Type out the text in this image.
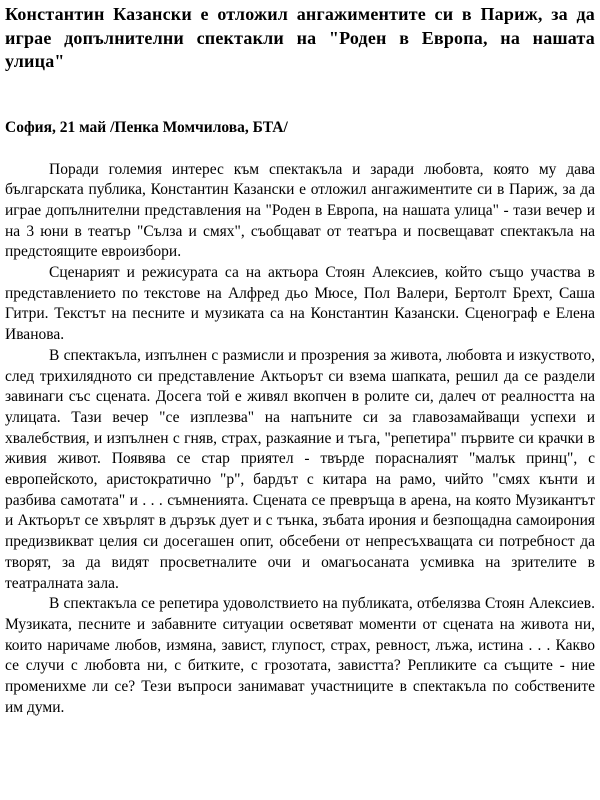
Константин Казански е отложил ангажиментите си в Париж, за да играе допълнителни спектакли на "Роден в Европа, на нашата улица"

София, 21 май /Пенка Момчилова, БТА/

Поради големия интерес към спектакъла и заради любовта, която му дава българската публика, Константин Казански е отложил ангажиментите си в Париж, за да играе допълнителни представления на "Роден в Европа, на нашата улица" - тази вечер и на 3 юни в театър "Сълза и смях", съобщават от театъра и посвещават спектакъла на предстоящите евроизбори.

Сценарият и режисурата са на актьора Стоян Алексиев, който също участва в представлението по текстове на Алфред дьо Мюсе, Пол Валери, Бертолт Брехт, Саша Гитри. Текстът на песните и музиката са на Константин Казански. Сценограф е Елена Иванова.

В спектакъла, изпълнен с размисли и прозрения за живота, любовта и изкуството, след трихилядното си представление Актьорът си взема шапката, решил да се раздели завинаги със сцената. Досега той е живял вкопчен в ролите си, далеч от реалността на улицата. Тази вечер "се изплезва" на напъните си за главозамайващи успехи и хвалебствия, и изпълнен с гняв, страх, разкаяние и тъга, "репетира" първите си крачки в живия живот. Появява се стар приятел - твърде порасналият "малък принц", с европейското, аристократично "р", бардът с китара на рамо, чийто "смях кънти и разбива самотата" и . . . съмненията. Сцената се превръща в арена, на която Музикантът и Актьорът се хвърлят в дързък дует и с тънка, зъбата ирония и безпощадна самоирония предизвикват целия си досегашен опит, обсебени от непресъхващата си потребност да творят, за да видят просветналите очи и омагьосаната усмивка на зрителите в театралната зала.

В спектакъла се репетира удоволствието на публиката, отбелязва Стоян Алексиев. Музиката, песните и забавните ситуации осветяват моменти от сцената на живота ни, които наричаме любов, измяна, завист, глупост, страх, ревност, лъжа, истина . . . Какво се случи с любовта ни, с битките, с грозотата, завистта? Репликите са същите - ние променихме ли се? Тези въпроси занимават участниците в спектакъла по собствените им думи.
